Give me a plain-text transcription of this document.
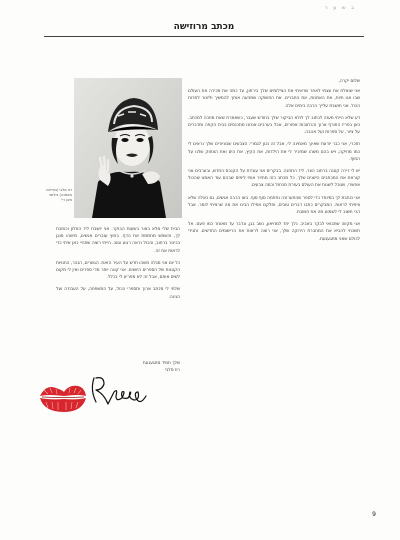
ב ש ע ר
מכתב מרוזישה
רוז סלבי (בצילום מאמנה) צילום: מאן ריי

שלום יקרה,

אני שואלת את עצמי לאחר שראיתי את הצילומים שלך בירחון, עד כמה את מכירה את העולם שבו אנו חיות, את האמנות, את החברים. את התשוקה שמניעה אותך להמשיך וליצור למרות הכול. אני חושבת עלייך הרבה בימים אלה.

דע שלא הייתי מעזה לכתוב לך לולא הביקור שלך בחודש שעבר, כשאמרת שאת מחכה למכתב. כאן בפריז החורף ארוך והרחובות אפורים, אבל בערבים אנחנו מתכנסים בבית הקפה ומדברים על ציור, על ספרות ועל אהבה.

תזכרי, אני כבר יודעת שאינך מאמינה לי, אבל זה נכון לגמרי: הצבעים שבציורים שלך נראים לי כמו מוזיקה, ויש בהם משהו שמזכיר לי את הילדות, את הקיץ, את הים ואת הצחוק שלנו על החוף.

יש לי דירה קטנה ברחוב הצר, ליד התחנה. בבקרים אני עובדת על הקנבס החדש, ובערבים אני קוראת את המכתבים הישנים שלך. כל מכתב כזה מחזיר אותי לימים שבהם עוד האמנו שהכול אפשרי, שנוכל לשנות את העולם בעזרת מכחול וכמה צבעים.

אני כותבת לך במיוחד כדי לספר שהתערוכה נפתחה סוף סוף. באו הרבה אנשים, גם כאלה שלא ציפיתי לראות. המבקרים כתבו דברים טובים, וחלקם אפילו הבינו את מה שרציתי לומר. אבל הכי חשוב לי לשמוע מה את חושבת.

אני מקווה שתבואי לבקר באביב. נלך יחד למוזיאון, נשב בגן, ונדבר עד מאוחר כמו פעם. אל תשכחי להביא את המחברת הירוקה שלך, אני רוצה לראות את הרישומים החדשים. ותגידי לכולם שאני מתגעגעת.

הבית שלי מלא באור בשעות הבוקר. אני יושבת ליד החלון וכותבת לך, והשמש מחממת את הדף. בחוץ עוברים אנשים, מישהו מנגן בכינור ברחוב, והכול נראה רגוע וטוב. הייתי רוצה שתהיי כאן איתי כדי לראות את זה.

כל יום אני מגלה משהו חדש על העיר הזאת. הגשרים, הנהר, החנויות הקטנות של הספרים הישנים. אני קונה יותר מדי ספרים ואין לי מקום לשים אותם, אבל זה לא מפריע לי בכלל.

שלחי לי מכתב ארוך ותספרי הכול, על המשפחה, על העבודה ועל הגינה.

שלך תמיד מתגעגעת
רוז סלבי
9
